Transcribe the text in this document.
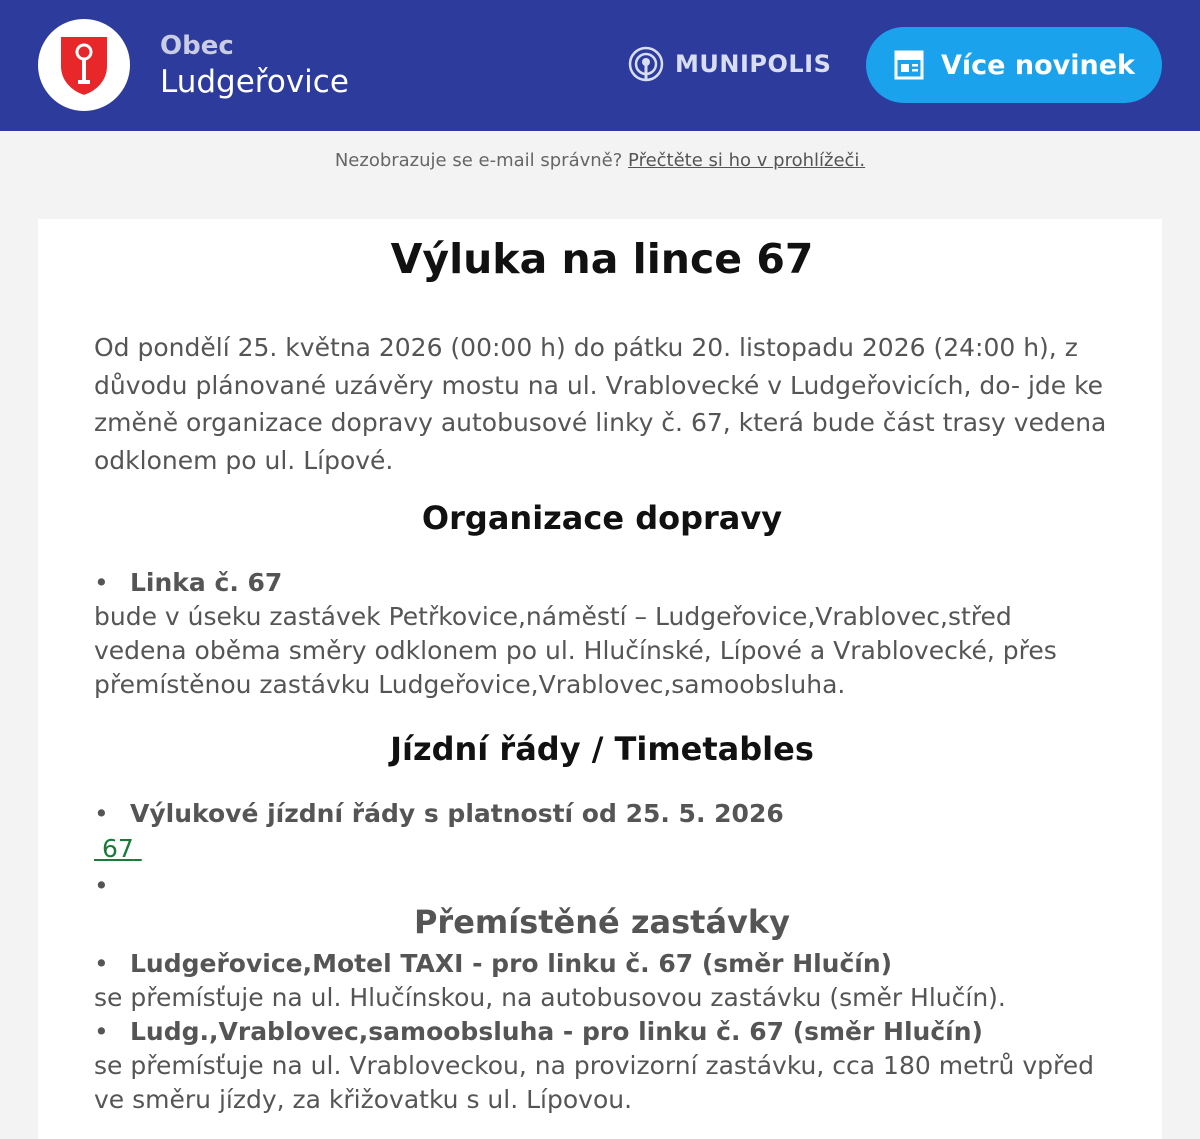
Obec
Ludgeřovice	MUNIPOLIS	Více novinek
Nezobrazuje se e-mail správně? Přečtěte si ho v prohlížeči.
Výluka na lince 67

Od pondělí 25. května 2026 (00:00 h) do pátku 20. listopadu 2026 (24:00 h), z důvodu plánované uzávěry mostu na ul. Vrablovecké v Ludgeřovicích, do- jde ke změně organizace dopravy autobusové linky č. 67, která bude část trasy vedena odklonem po ul. Lípové.

Organizace dopravy
• Linka č. 67

bude v úseku zastávek Petřkovice,náměstí – Ludgeřovice,Vrablovec,střed vedena oběma směry odklonem po ul. Hlučínské, Lípové a Vrablovecké, přes přemístěnou zastávku Ludgeřovice,Vrablovec,samoobsluha.

Jízdní řády / Timetables
• Výlukové jízdní řády s platností od 25. 5. 2026
67
•
Přemístěné zastávky
• Ludgeřovice,Motel TAXI - pro linku č. 67 (směr Hlučín)

se přemísťuje na ul. Hlučínskou, na autobusovou zastávku (směr Hlučín).

• Ludg.,Vrablovec,samoobsluha - pro linku č. 67 (směr Hlučín)

se přemísťuje na ul. Vrabloveckou, na provizorní zastávku, cca 180 metrů vpřed ve směru jízdy, za křižovatku s ul. Lípovou.
